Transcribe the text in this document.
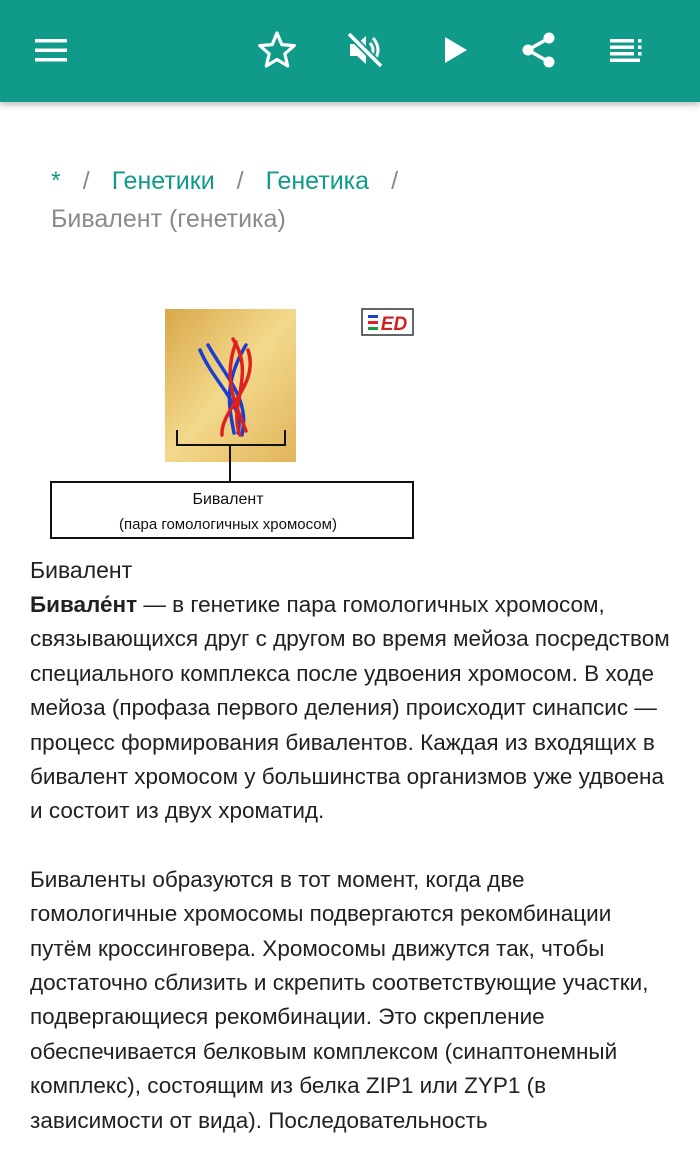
* / Генетики / Генетика /
Бивалент (генетика)
Бивалент
(пара гомологичных хромосом)
ED
Бивалент

Бивале́нт — в генетике пара гомологичных хромосом, связывающихся друг с другом во время мейоза посредством специального комплекса после удвоения хромосом. В ходе мейоза (профаза первого деления) происходит синапсис — процесс формирования бивалентов. Каждая из входящих в бивалент хромосом у большинства организмов уже удвоена и состоит из двух хроматид.

Биваленты образуются в тот момент, когда две гомологичные хромосомы подвергаются рекомбинации путём кроссинговера. Хромосомы движутся так, чтобы достаточно сблизить и скрепить соответствующие участки, подвергающиеся рекомбинации. Это скрепление обеспечивается белковым комплексом (синаптонемный комплекс), состоящим из белка ZIP1 или ZYP1 (в зависимости от вида). Последовательность
